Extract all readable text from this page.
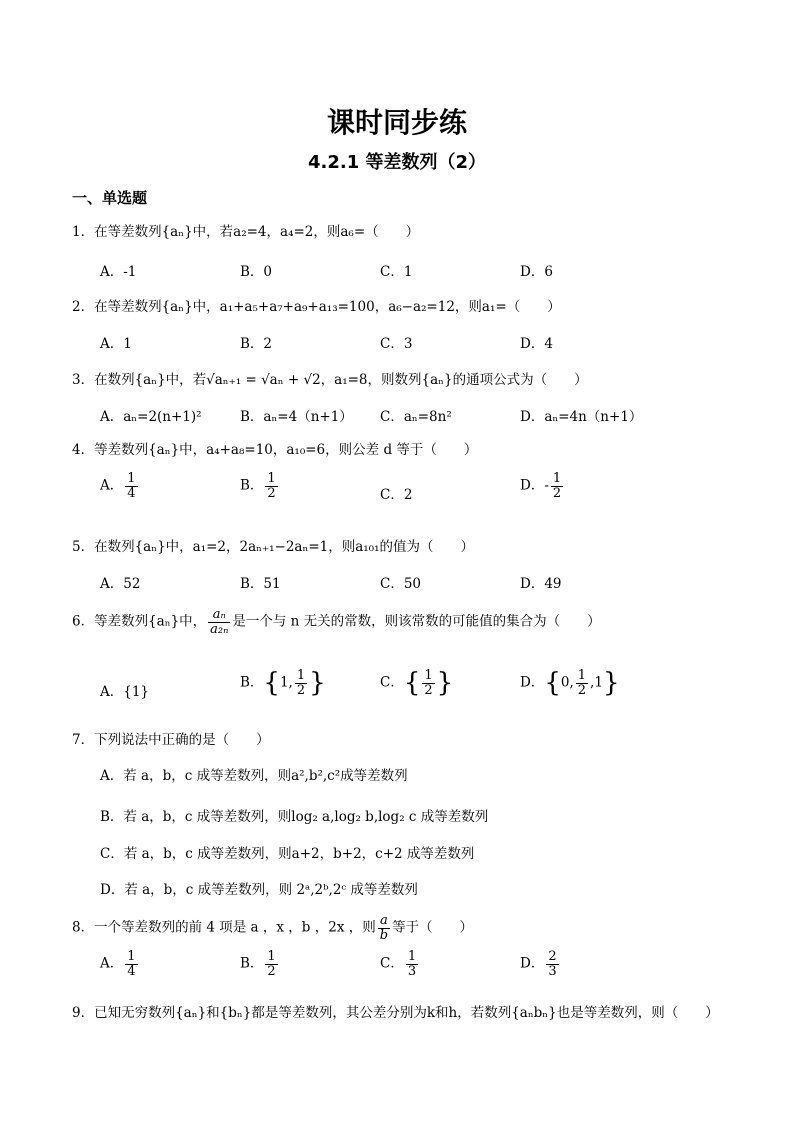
课时同步练
4.2.1 等差数列（2）
一、单选题
1．在等差数列{aₙ}中，若a₂=4，a₄=2，则a₆=（　　）
A．-1	B．0	C．1	D．6
2．在等差数列{aₙ}中，a₁+a₅+a₇+a₉+a₁₃=100，a₆−a₂=12，则a₁=（　　）
A．1	B．2	C．3	D．4
3．在数列{aₙ}中，若√aₙ₊₁ = √aₙ + √2，a₁=8，则数列{aₙ}的通项公式为（　　）
A．aₙ=2(n+1)²	B．aₙ=4（n+1） C．aₙ=8n²	D．aₙ=4n（n+1）
4．等差数列{aₙ}中，a₄+a₈=10，a₁₀=6，则公差 d 等于（　　）
A． $\frac{1}{4}$	B． $\frac{1}{2}$	C．2
D．- $\frac{1}{2}$
5．在数列{aₙ}中，a₁=2，2aₙ₊₁−2aₙ=1，则a₁₀₁的值为（　　）
A．52	B．51	C．50	D．49
6．等差数列{aₙ}中， $\frac{\text{aₙ}}{\text{a₂ₙ}}$ 是一个与 n 无关的常数，则该常数的可能值的集合为（　　）
A．{1}
B．{1, $\frac{1}{2}$ }	C．{ $\frac{1}{2}$ }	D．{0, $\frac{1}{2} ,1$}
7．下列说法中正确的是（　　）
A．若 a，b，c 成等差数列，则a²,b²,c²成等差数列
B．若 a，b，c 成等差数列，则log₂ a,log₂ b,log₂ c 成等差数列
C．若 a，b，c 成等差数列，则a+2，b+2，c+2 成等差数列
D．若 a，b，c 成等差数列，则 2ᵃ,2ᵇ,2ᶜ 成等差数列
8．一个等差数列的前 4 项是 a ，x ，b ，2x ，则 $\frac{a}{b}$ 等于（　　）
A． $\frac{1}{4}$	B． $\frac{1}{2}$	C． $\frac{1}{3}$	D． $\frac{2}{3}$
9．已知无穷数列{aₙ}和{bₙ}都是等差数列，其公差分别为k和h，若数列{aₙbₙ}也是等差数列，则（　　）
